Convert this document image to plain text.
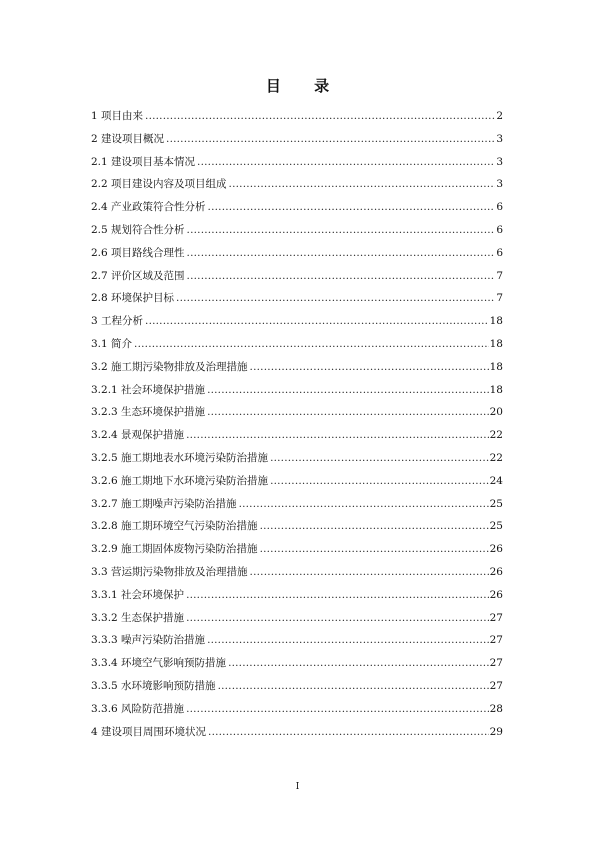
目 录
1 项目由来 .....	2
2 建设项目概况 .....	3
2.1 建设项目基本情况 .....	3
2.2 项目建设内容及项目组成 .....	3
2.4 产业政策符合性分析 .....	6
2.5 规划符合性分析 .....	6
2.6 项目路线合理性 .....	6
2.7 评价区域及范围 .....	7
2.8 环境保护目标 .....	7
3 工程分析 .....	18
3.1 简介 .....	18
3.2 施工期污染物排放及治理措施 .....	18
3.2.1 社会环境保护措施 .....	18
3.2.3 生态环境保护措施 .....	20
3.2.4 景观保护措施 .....	22
3.2.5 施工期地表水环境污染防治措施 .....	22
3.2.6 施工期地下水环境污染防治措施 .....	24
3.2.7 施工期噪声污染防治措施 .....	25
3.2.8 施工期环境空气污染防治措施 .....	25
3.2.9 施工期固体废物污染防治措施 .....	26
3.3 营运期污染物排放及治理措施 .....	26
3.3.1 社会环境保护 .....	26
3.3.2 生态保护措施 .....	27
3.3.3 噪声污染防治措施 .....	27
3.3.4 环境空气影响预防措施 .....	27
3.3.5 水环境影响预防措施 .....	27
3.3.6 风险防范措施 .....	28
4 建设项目周围环境状况 .....	29
I
